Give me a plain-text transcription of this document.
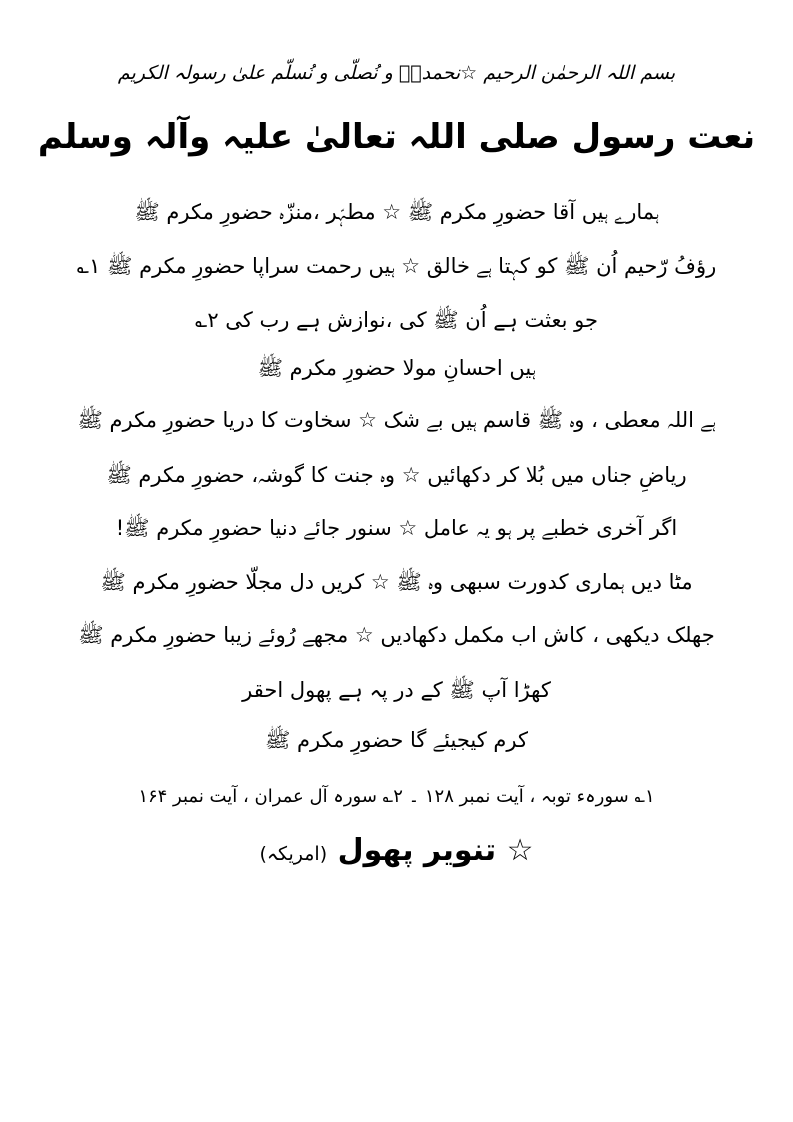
بسم اللہ الرحمٰن الرحیم ☆نحمدہٗ و نُصلّی و نُسلّم علیٰ رسولہ الکریم
نعت رسول صلی اللہ تعالیٰ علیہ وآلہ وسلم
ہمارے ہیں آقا حضورِ مکرم ﷺ ☆ مطہّر ،منزّہ حضورِ مکرم ﷺ
رؤفُ رّحیم اُن ﷺ کو کہتا ہے خالق ☆ ہیں رحمت سراپا حضورِ مکرم ﷺ ۱؎
جو بعثت ہے اُن ﷺ کی ،نوازش ہے رب کی ۲؎
ہیں احسانِ مولا حضورِ مکرم ﷺ
ہے اللہ معطی ، وہ ﷺ قاسم ہیں بے شک ☆ سخاوت کا دریا حضورِ مکرم ﷺ
ریاضِ جناں میں بُلا کر دکھائیں ☆ وہ جنت کا گوشہ، حضورِ مکرم ﷺ
اگر آخری خطبے پر ہو یہ عامل ☆ سنور جائے دنیا حضورِ مکرم ﷺ!
مٹا دیں ہماری کدورت سبھی وہ ﷺ ☆ کریں دل مجلّا حضورِ مکرم ﷺ
جھلک دیکھی ، کاش اب مکمل دکھادیں ☆ مجھے رُوئے زیبا حضورِ مکرم ﷺ
کھڑا آپ ﷺ کے در پہ ہے پھول احقر
کرم کیجیئے گا حضورِ مکرم ﷺ
۱؎ سورہء توبہ ، آیت نمبر ۱۲۸ ۔ ۲؎ سورہ آل عمران ، آیت نمبر ۱۶۴
☆ تنویر پھول (امریکہ)
